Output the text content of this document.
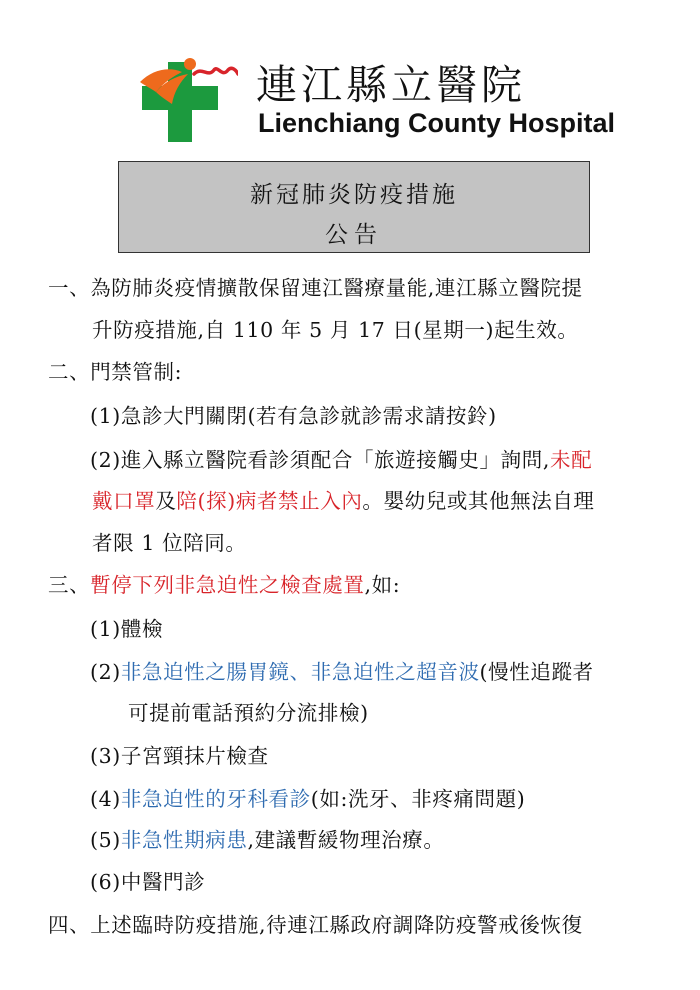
連江縣立醫院
Lienchiang County Hospital
新冠肺炎防疫措施
公告
一、為防肺炎疫情擴散保留連江醫療量能,連江縣立醫院提
升防疫措施,自 110 年 5 月 17 日(星期一)起生效。
二、門禁管制:
(1)急診大門關閉(若有急診就診需求請按鈴)
(2)進入縣立醫院看診須配合「旅遊接觸史」詢問,未配
戴口罩及陪(探)病者禁止入內。嬰幼兒或其他無法自理
者限 1 位陪同。
三、暫停下列非急迫性之檢查處置,如:
(1)體檢
(2)非急迫性之腸胃鏡、非急迫性之超音波(慢性追蹤者
可提前電話預約分流排檢)
(3)子宮頸抹片檢查
(4)非急迫性的牙科看診(如:洗牙、非疼痛問題)
(5)非急性期病患,建議暫緩物理治療。
(6)中醫門診
四、上述臨時防疫措施,待連江縣政府調降防疫警戒後恢復
